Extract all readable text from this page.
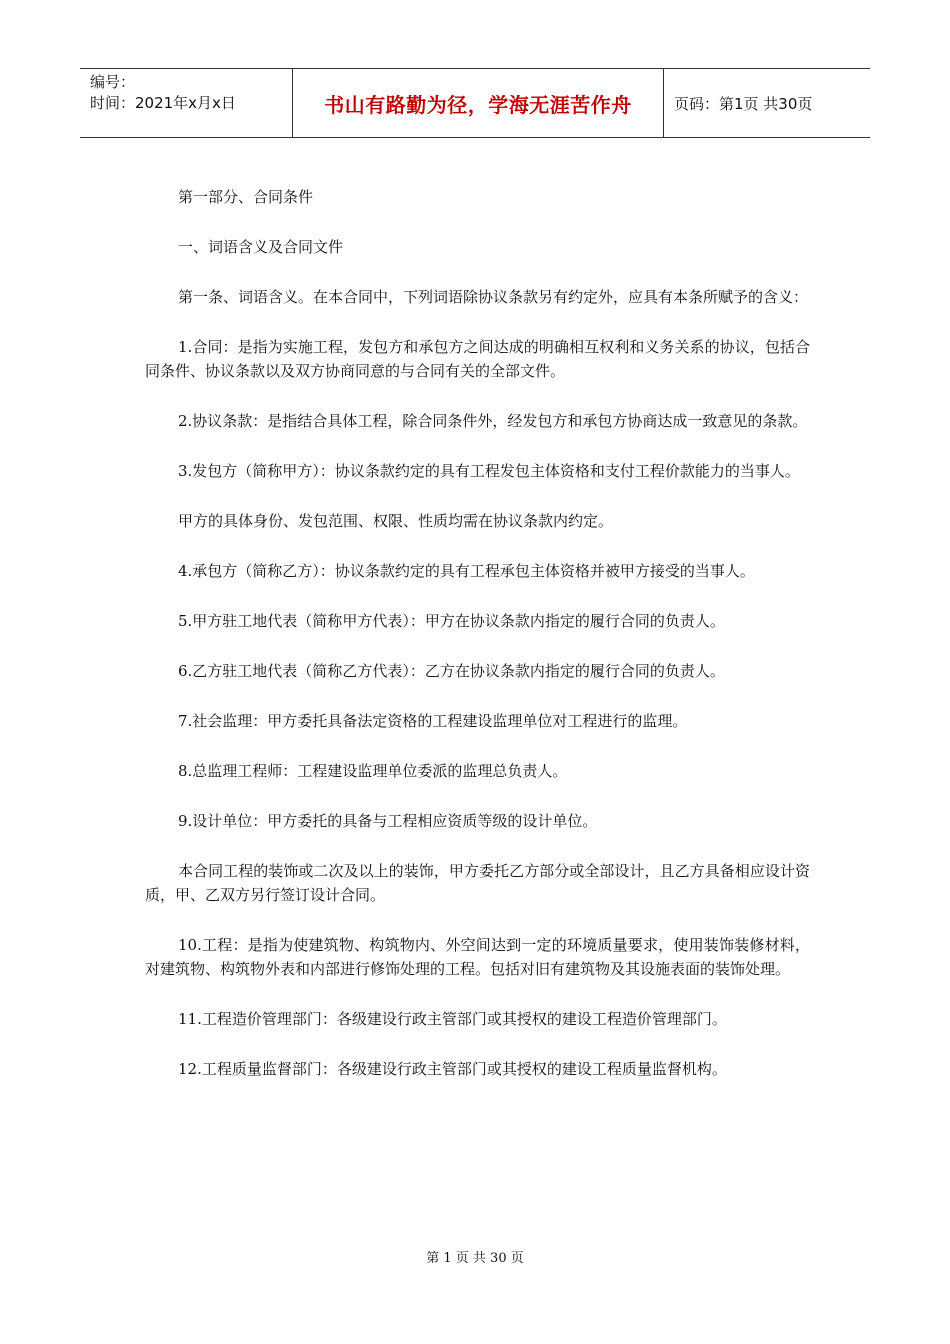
编号：
时间：2021年x月x日	书山有路勤为径，学海无涯苦作舟	页码：第1页 共30页

第一部分、合同条件

一、词语含义及合同文件

第一条、词语含义。在本合同中，下列词语除协议条款另有约定外，应具有本条所赋予的含义：

1.合同：是指为实施工程，发包方和承包方之间达成的明确相互权利和义务关系的协议，包括合同条件、协议条款以及双方协商同意的与合同有关的全部文件。

2.协议条款：是指结合具体工程，除合同条件外，经发包方和承包方协商达成一致意见的条款。

3.发包方（简称甲方）：协议条款约定的具有工程发包主体资格和支付工程价款能力的当事人。

甲方的具体身份、发包范围、权限、性质均需在协议条款内约定。

4.承包方（简称乙方）：协议条款约定的具有工程承包主体资格并被甲方接受的当事人。

5.甲方驻工地代表（简称甲方代表）：甲方在协议条款内指定的履行合同的负责人。

6.乙方驻工地代表（简称乙方代表）：乙方在协议条款内指定的履行合同的负责人。

7.社会监理：甲方委托具备法定资格的工程建设监理单位对工程进行的监理。

8.总监理工程师：工程建设监理单位委派的监理总负责人。

9.设计单位：甲方委托的具备与工程相应资质等级的设计单位。

本合同工程的装饰或二次及以上的装饰，甲方委托乙方部分或全部设计，且乙方具备相应设计资质，甲、乙双方另行签订设计合同。

10.工程：是指为使建筑物、构筑物内、外空间达到一定的环境质量要求，使用装饰装修材料，对建筑物、构筑物外表和内部进行修饰处理的工程。包括对旧有建筑物及其设施表面的装饰处理。

11.工程造价管理部门：各级建设行政主管部门或其授权的建设工程造价管理部门。

12.工程质量监督部门：各级建设行政主管部门或其授权的建设工程质量监督机构。

第 1 页 共 30 页
